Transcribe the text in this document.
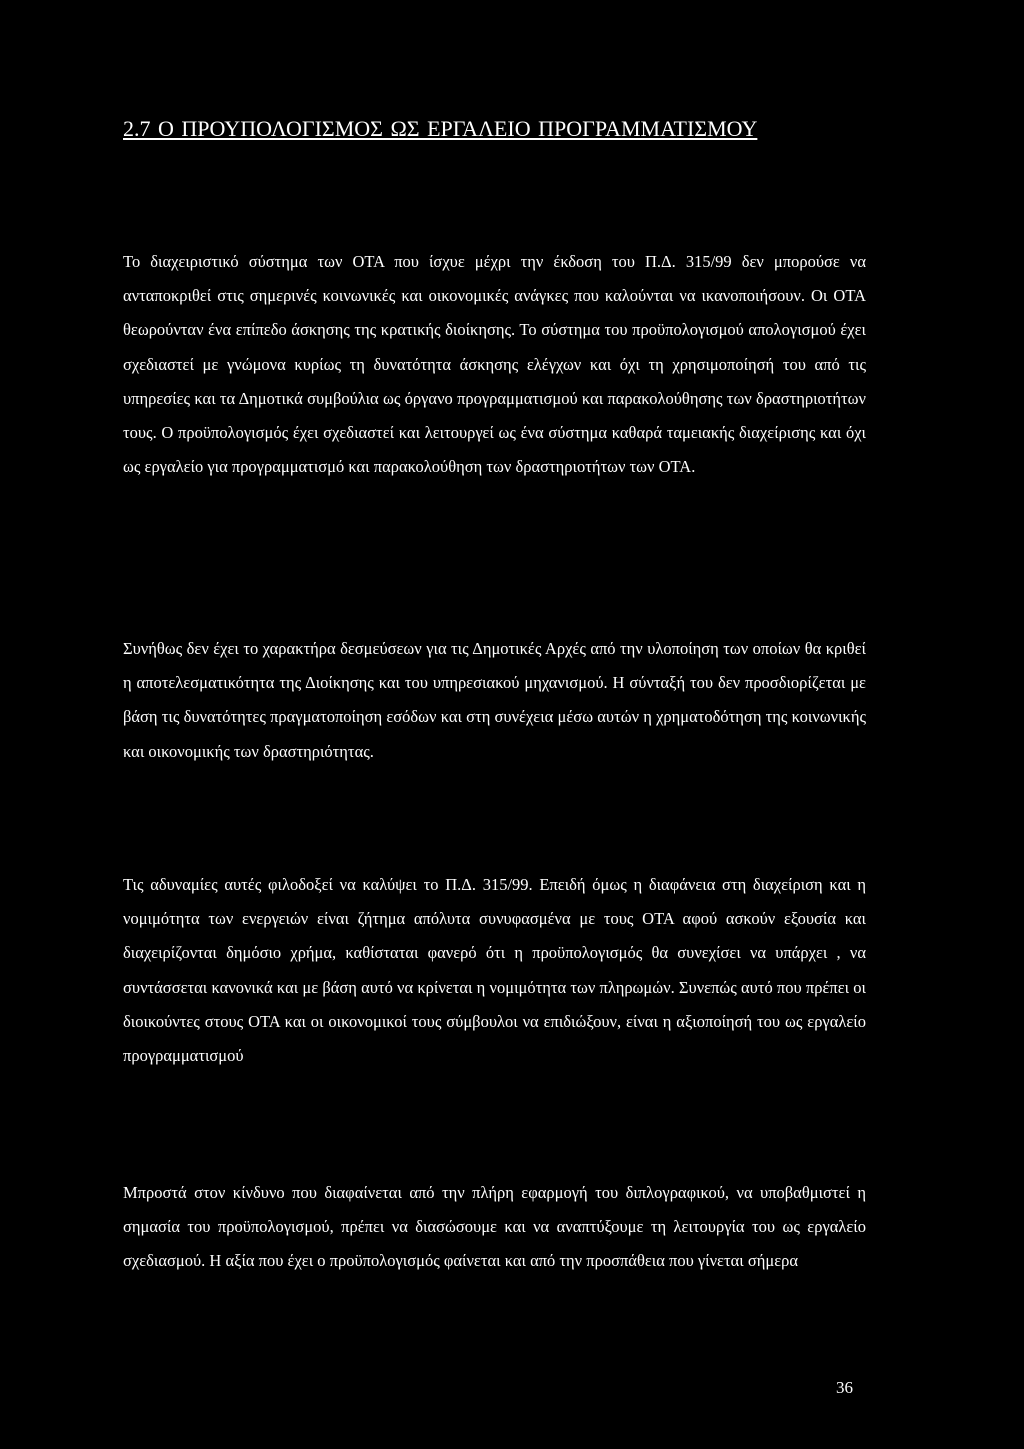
2.7 Ο ΠΡΟΥΠΟΛΟΓΙΣΜΟΣ ΩΣ ΕΡΓΑΛΕΙΟ ΠΡΟΓΡΑΜΜΑΤΙΣΜΟΥ

Το διαχειριστικό σύστημα των ΟΤΑ που ίσχυε μέχρι την έκδοση του Π.Δ. 315/99 δεν μπορούσε να ανταποκριθεί στις σημερινές κοινωνικές και οικονομικές ανάγκες που καλούνται να ικανοποιήσουν. Οι ΟΤΑ θεωρούνταν ένα επίπεδο άσκησης της κρατικής διοίκησης. Το σύστημα του προϋπολογισμού απολογισμού έχει σχεδιαστεί με γνώμονα κυρίως τη δυνατότητα άσκησης ελέγχων και όχι τη χρησιμοποίησή του από τις υπηρεσίες και τα Δημοτικά συμβούλια ως όργανο προγραμματισμού και παρακολούθησης των δραστηριοτήτων τους. Ο προϋπολογισμός έχει σχεδιαστεί και λειτουργεί ως ένα σύστημα καθαρά ταμειακής διαχείρισης και όχι ως εργαλείο για προγραμματισμό και παρακολούθηση των δραστηριοτήτων των ΟΤΑ.

Συνήθως δεν έχει το χαρακτήρα δεσμεύσεων για τις Δημοτικές Αρχές από την υλοποίηση των οποίων θα κριθεί η αποτελεσματικότητα της Διοίκησης και του υπηρεσιακού μηχανισμού. Η σύνταξή του δεν προσδιορίζεται με βάση τις δυνατότητες πραγματοποίηση εσόδων και στη συνέχεια μέσω αυτών η χρηματοδότηση της κοινωνικής και οικονομικής των δραστηριότητας.

Τις αδυναμίες αυτές φιλοδοξεί να καλύψει το Π.Δ. 315/99. Επειδή όμως η διαφάνεια στη διαχείριση και η νομιμότητα των ενεργειών είναι ζήτημα απόλυτα συνυφασμένα με τους ΟΤΑ αφού ασκούν εξουσία και διαχειρίζονται δημόσιο χρήμα, καθίσταται φανερό ότι η προϋπολογισμός θα συνεχίσει να υπάρχει , να συντάσσεται κανονικά και με βάση αυτό να κρίνεται η νομιμότητα των πληρωμών. Συνεπώς αυτό που πρέπει οι διοικούντες στους ΟΤΑ και οι οικονομικοί τους σύμβουλοι να επιδιώξουν, είναι η αξιοποίησή του ως εργαλείο προγραμματισμού

Μπροστά στον κίνδυνο που διαφαίνεται από την πλήρη εφαρμογή του διπλογραφικού, να υποβαθμιστεί η σημασία του προϋπολογισμού, πρέπει να διασώσουμε και να αναπτύξουμε τη λειτουργία του ως εργαλείο σχεδιασμού. Η αξία που έχει ο προϋπολογισμός φαίνεται και από την προσπάθεια που γίνεται σήμερα

36
